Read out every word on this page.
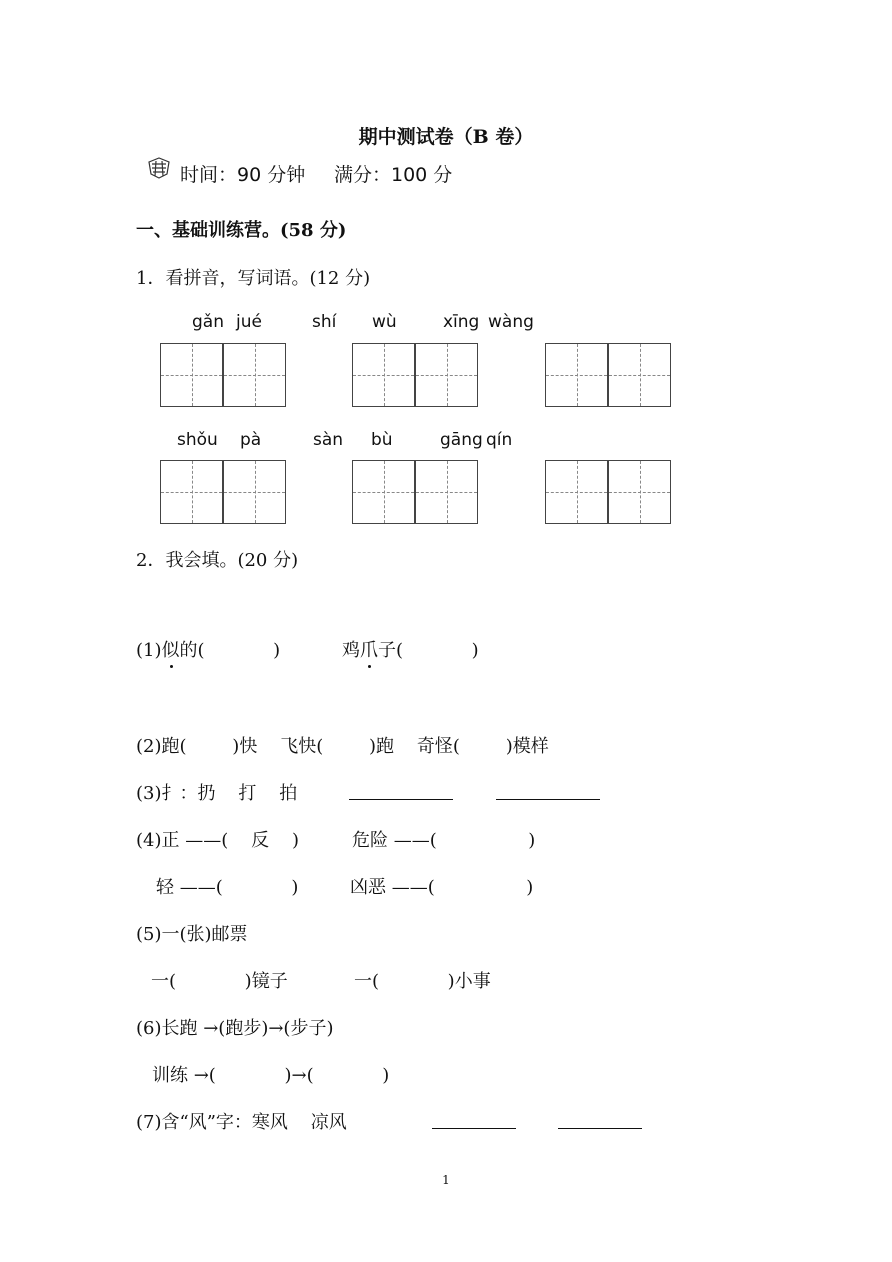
期中测试卷（B 卷）
时间：90 分钟 满分：100 分
一、基础训练营。(58 分)
1．看拼音，写词语。(12 分)
gǎn jué	shí wù	xīng wàng
shǒu pà	sàn bù	gāng qín
2．我会填。(20 分)
(1)似的(            )	鸡爪子(            )
(2)跑(        )快    飞快(        )跑    奇怪(        )模样
(3)扌：扔    打    拍
(4)正 ——(    反    )	危险 ——(                )
轻 ——(            )	凶恶 ——(                )
(5)一(张)邮票
一(            )镜子	一(            )小事
(6)长跑 →(跑步)→(步子)
训练 →(            )→(            )
(7)含“风”字：寒风    凉风
1
